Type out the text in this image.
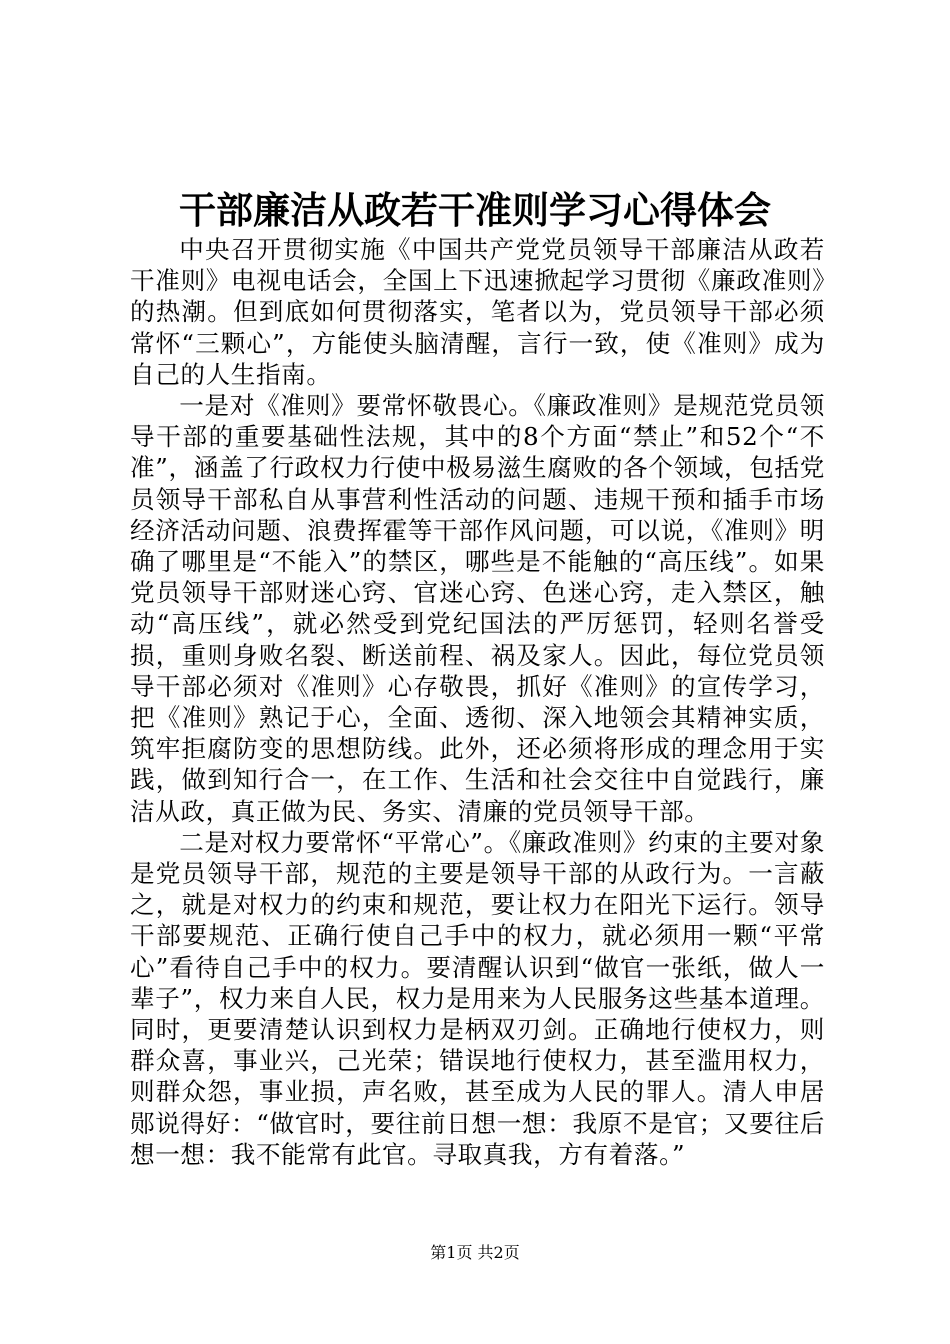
干部廉洁从政若干准则学习心得体会

中央召开贯彻实施《中国共产党党员领导干部廉洁从政若干准则》电视电话会，全国上下迅速掀起学习贯彻《廉政准则》的热潮。但到底如何贯彻落实，笔者以为，党员领导干部必须常怀“三颗心”，方能使头脑清醒，言行一致，使《准则》成为自己的人生指南。

一是对《准则》要常怀敬畏心。《廉政准则》是规范党员领导干部的重要基础性法规，其中的8个方面“禁止”和52个“不准”，涵盖了行政权力行使中极易滋生腐败的各个领域，包括党员领导干部私自从事营利性活动的问题、违规干预和插手市场经济活动问题、浪费挥霍等干部作风问题，可以说，《准则》明确了哪里是“不能入”的禁区，哪些是不能触的“高压线”。如果党员领导干部财迷心窍、官迷心窍、色迷心窍，走入禁区，触动“高压线”，就必然受到党纪国法的严厉惩罚，轻则名誉受损，重则身败名裂、断送前程、祸及家人。因此，每位党员领导干部必须对《准则》心存敬畏，抓好《准则》的宣传学习，把《准则》熟记于心，全面、透彻、深入地领会其精神实质，筑牢拒腐防变的思想防线。此外，还必须将形成的理念用于实践，做到知行合一，在工作、生活和社会交往中自觉践行，廉洁从政，真正做为民、务实、清廉的党员领导干部。

二是对权力要常怀“平常心”。《廉政准则》约束的主要对象是党员领导干部，规范的主要是领导干部的从政行为。一言蔽之，就是对权力的约束和规范，要让权力在阳光下运行。领导干部要规范、正确行使自己手中的权力，就必须用一颗“平常心”看待自己手中的权力。要清醒认识到“做官一张纸，做人一辈子”，权力来自人民，权力是用来为人民服务这些基本道理。同时，更要清楚认识到权力是柄双刃剑。正确地行使权力，则群众喜，事业兴，己光荣；错误地行使权力，甚至滥用权力，则群众怨，事业损，声名败，甚至成为人民的罪人。清人申居郧说得好：“做官时，要往前日想一想：我原不是官；又要往后想一想：我不能常有此官。寻取真我，方有着落。”

第1页 共2页
